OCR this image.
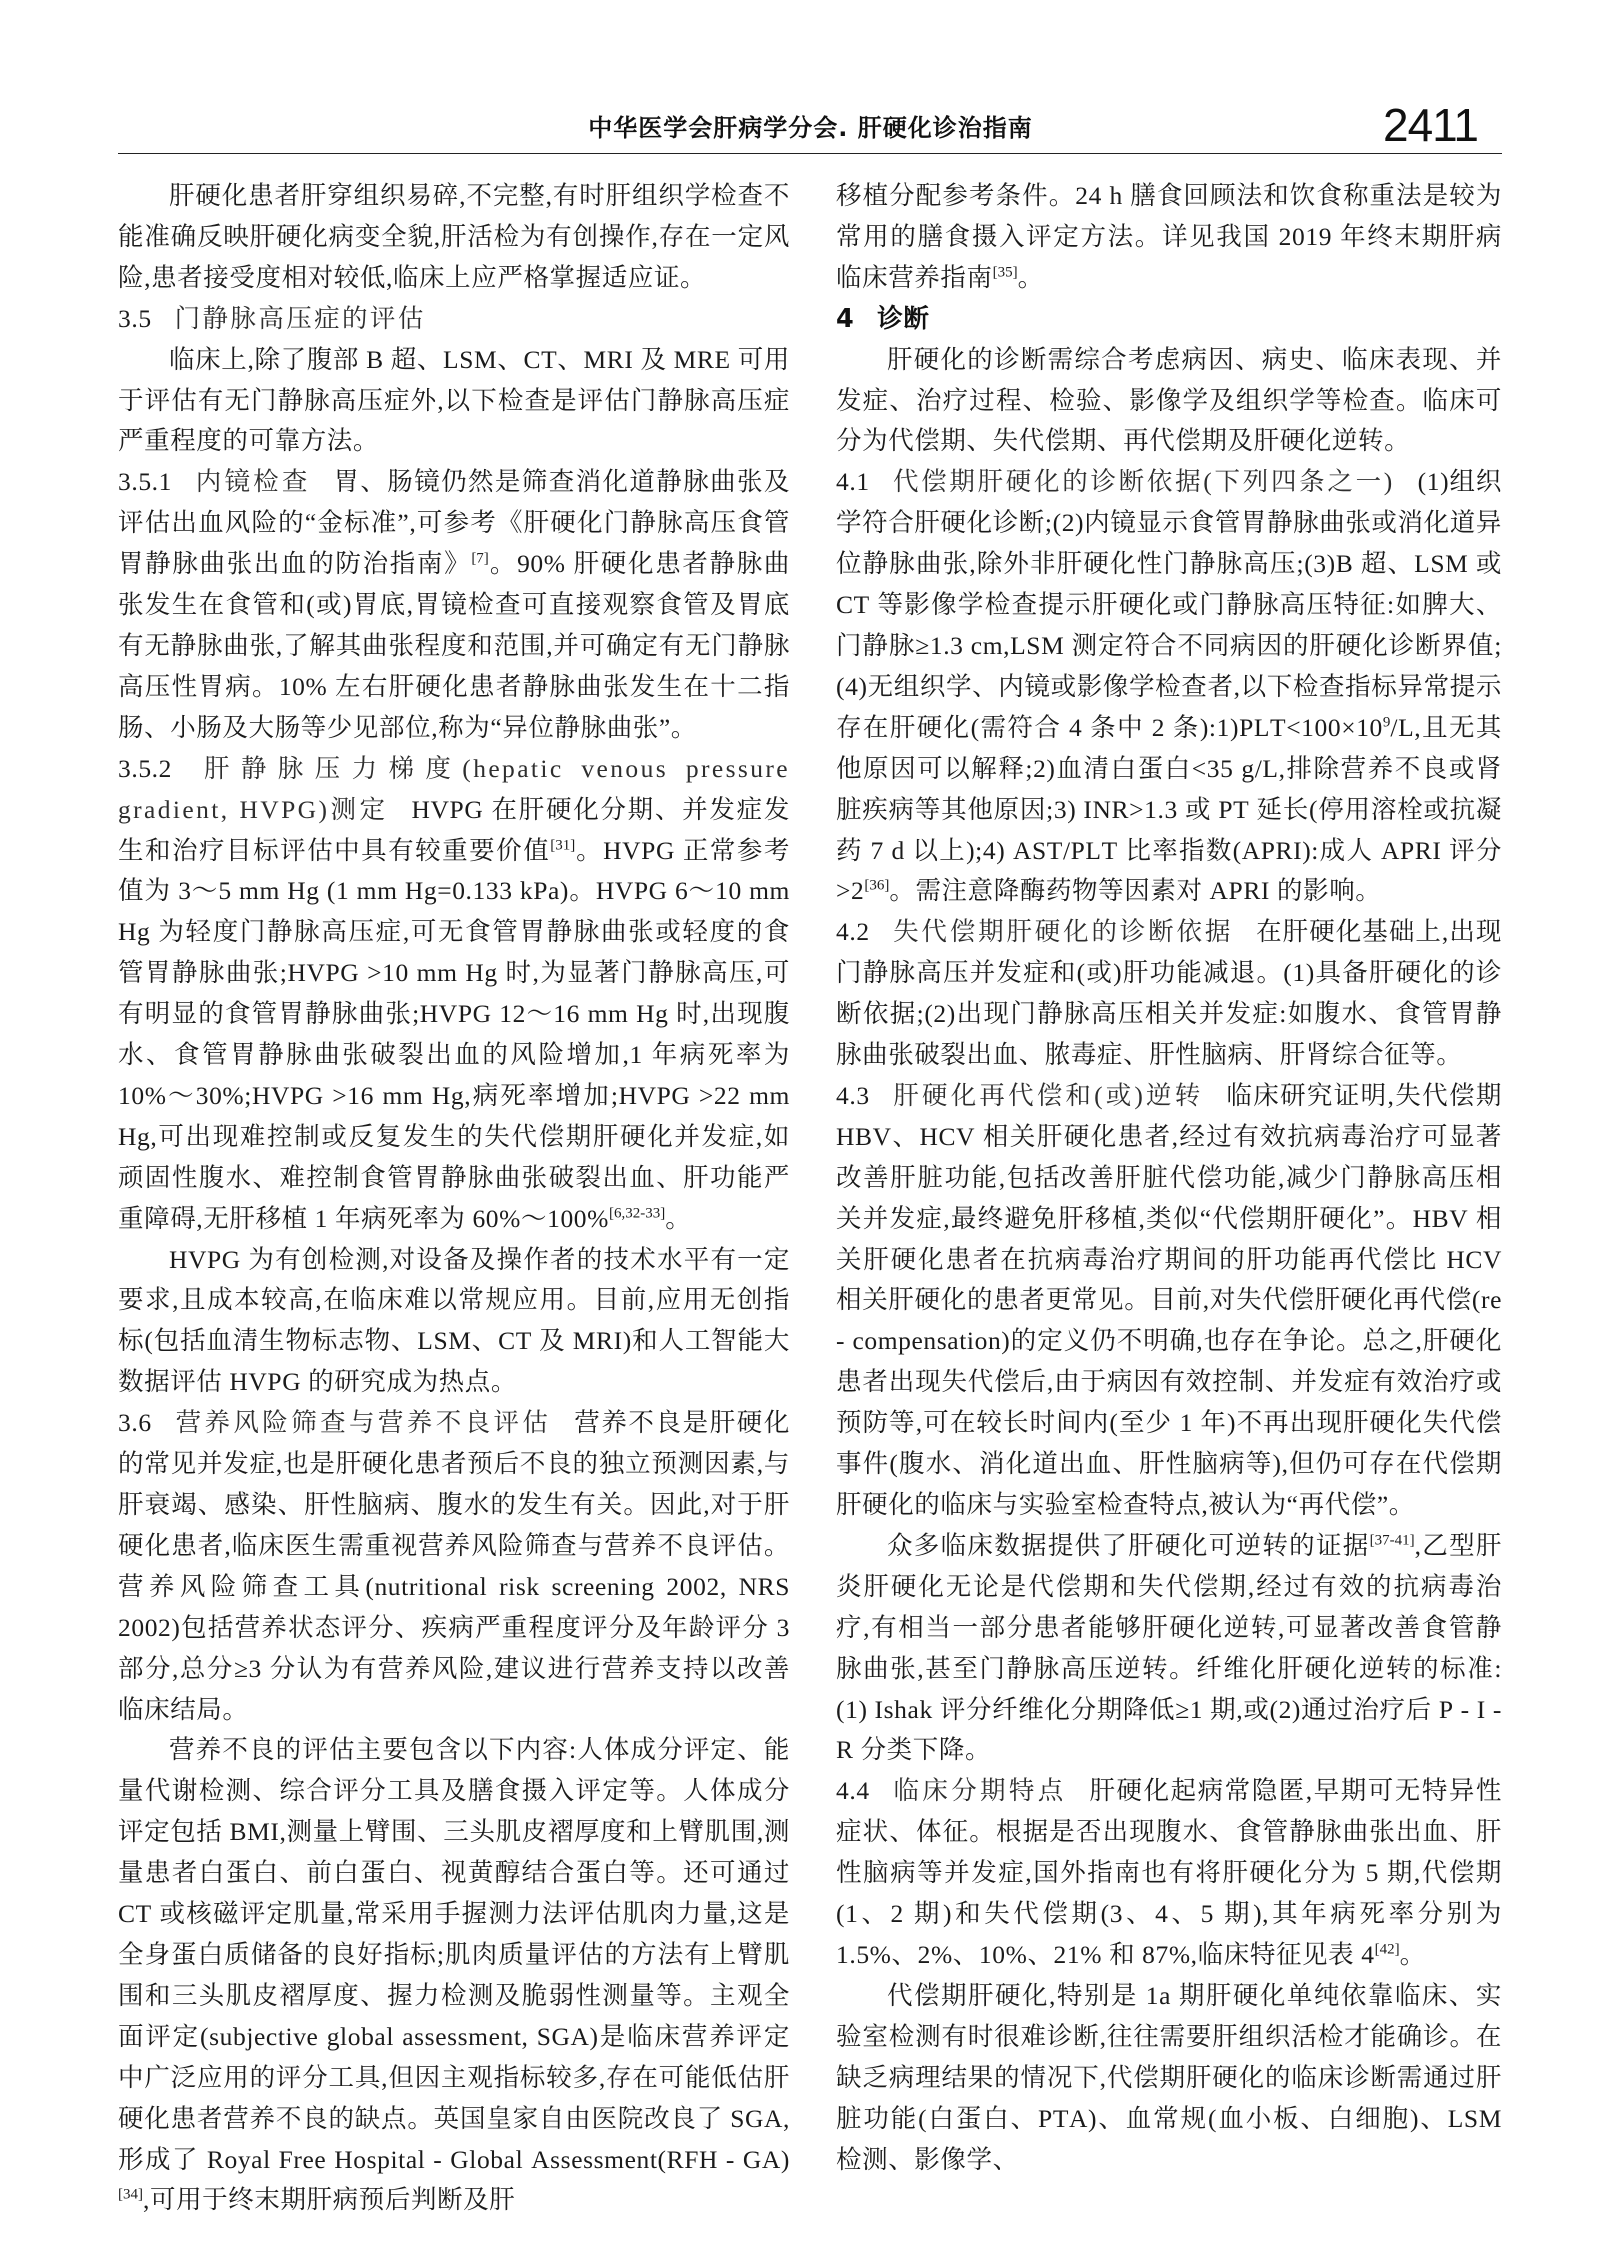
中华医学会肝病学分会. 肝硬化诊治指南	2411

肝硬化患者肝穿组织易碎,不完整,有时肝组织学检查不能准确反映肝硬化病变全貌,肝活检为有创操作,存在一定风险,患者接受度相对较低,临床上应严格掌握适应证。

3.5 门静脉高压症的评估

临床上,除了腹部 B 超、LSM、CT、MRI 及 MRE 可用于评估有无门静脉高压症外,以下检查是评估门静脉高压症严重程度的可靠方法。

3.5.1 内镜检查 胃、肠镜仍然是筛查消化道静脉曲张及评估出血风险的“金标准”,可参考《肝硬化门静脉高压食管胃静脉曲张出血的防治指南》[7]。90% 肝硬化患者静脉曲张发生在食管和(或)胃底,胃镜检查可直接观察食管及胃底有无静脉曲张,了解其曲张程度和范围,并可确定有无门静脉高压性胃病。10% 左右肝硬化患者静脉曲张发生在十二指肠、小肠及大肠等少见部位,称为“异位静脉曲张”。

3.5.2 肝静脉压力梯度(hepatic venous pressure gradient, HVPG)测定 HVPG 在肝硬化分期、并发症发生和治疗目标评估中具有较重要价值[31]。HVPG 正常参考值为 3～5 mm Hg (1 mm Hg=0.133 kPa)。HVPG 6～10 mm Hg 为轻度门静脉高压症,可无食管胃静脉曲张或轻度的食管胃静脉曲张;HVPG >10 mm Hg 时,为显著门静脉高压,可有明显的食管胃静脉曲张;HVPG 12～16 mm Hg 时,出现腹水、食管胃静脉曲张破裂出血的风险增加,1 年病死率为 10%～30%;HVPG >16 mm Hg,病死率增加;HVPG >22 mm Hg,可出现难控制或反复发生的失代偿期肝硬化并发症,如顽固性腹水、难控制食管胃静脉曲张破裂出血、肝功能严重障碍,无肝移植 1 年病死率为 60%～100%[6,32-33]。

HVPG 为有创检测,对设备及操作者的技术水平有一定要求,且成本较高,在临床难以常规应用。目前,应用无创指标(包括血清生物标志物、LSM、CT 及 MRI)和人工智能大数据评估 HVPG 的研究成为热点。

3.6 营养风险筛查与营养不良评估 营养不良是肝硬化的常见并发症,也是肝硬化患者预后不良的独立预测因素,与肝衰竭、感染、肝性脑病、腹水的发生有关。因此,对于肝硬化患者,临床医生需重视营养风险筛查与营养不良评估。营养风险筛查工具(nutritional risk screening 2002, NRS 2002)包括营养状态评分、疾病严重程度评分及年龄评分 3 部分,总分≥3 分认为有营养风险,建议进行营养支持以改善临床结局。

营养不良的评估主要包含以下内容:人体成分评定、能量代谢检测、综合评分工具及膳食摄入评定等。人体成分评定包括 BMI,测量上臂围、三头肌皮褶厚度和上臂肌围,测量患者白蛋白、前白蛋白、视黄醇结合蛋白等。还可通过 CT 或核磁评定肌量,常采用手握测力法评估肌肉力量,这是全身蛋白质储备的良好指标;肌肉质量评估的方法有上臂肌围和三头肌皮褶厚度、握力检测及脆弱性测量等。主观全面评定(subjective global assessment, SGA)是临床营养评定中广泛应用的评分工具,但因主观指标较多,存在可能低估肝硬化患者营养不良的缺点。英国皇家自由医院改良了 SGA,形成了 Royal Free Hospital - Global Assessment(RFH - GA)[34],可用于终末期肝病预后判断及肝

移植分配参考条件。24 h 膳食回顾法和饮食称重法是较为常用的膳食摄入评定方法。详见我国 2019 年终末期肝病临床营养指南[35]。

4 诊断

肝硬化的诊断需综合考虑病因、病史、临床表现、并发症、治疗过程、检验、影像学及组织学等检查。临床可分为代偿期、失代偿期、再代偿期及肝硬化逆转。

4.1 代偿期肝硬化的诊断依据(下列四条之一) (1)组织学符合肝硬化诊断;(2)内镜显示食管胃静脉曲张或消化道异位静脉曲张,除外非肝硬化性门静脉高压;(3)B 超、LSM 或 CT 等影像学检查提示肝硬化或门静脉高压特征:如脾大、门静脉≥1.3 cm,LSM 测定符合不同病因的肝硬化诊断界值;(4)无组织学、内镜或影像学检查者,以下检查指标异常提示存在肝硬化(需符合 4 条中 2 条)$:1)PLT<100\times 10^9/L$,且无其他原因可以解释;2)血清白蛋白<35 g/L,排除营养不良或肾脏疾病等其他原因;3) INR>1.3 或 PT 延长(停用溶栓或抗凝药 7 d 以上);4) AST/PLT 比率指数(APRI):成人 APRI 评分>2[36]。需注意降酶药物等因素对 APRI 的影响。

4.2 失代偿期肝硬化的诊断依据 在肝硬化基础上,出现门静脉高压并发症和(或)肝功能减退。(1)具备肝硬化的诊断依据;(2)出现门静脉高压相关并发症:如腹水、食管胃静脉曲张破裂出血、脓毒症、肝性脑病、肝肾综合征等。

4.3 肝硬化再代偿和(或)逆转 临床研究证明,失代偿期 HBV、HCV 相关肝硬化患者,经过有效抗病毒治疗可显著改善肝脏功能,包括改善肝脏代偿功能,减少门静脉高压相关并发症,最终避免肝移植,类似“代偿期肝硬化”。HBV 相关肝硬化患者在抗病毒治疗期间的肝功能再代偿比 HCV 相关肝硬化的患者更常见。目前,对失代偿肝硬化再代偿(re - compensation)的定义仍不明确,也存在争论。总之,肝硬化患者出现失代偿后,由于病因有效控制、并发症有效治疗或预防等,可在较长时间内(至少 1 年)不再出现肝硬化失代偿事件(腹水、消化道出血、肝性脑病等),但仍可存在代偿期肝硬化的临床与实验室检查特点,被认为“再代偿”。

众多临床数据提供了肝硬化可逆转的证据[37-41],乙型肝炎肝硬化无论是代偿期和失代偿期,经过有效的抗病毒治疗,有相当一部分患者能够肝硬化逆转,可显著改善食管静脉曲张,甚至门静脉高压逆转。纤维化肝硬化逆转的标准:(1) Ishak 评分纤维化分期降低≥1 期,或(2)通过治疗后 P - I - R 分类下降。

4.4 临床分期特点 肝硬化起病常隐匿,早期可无特异性症状、体征。根据是否出现腹水、食管静脉曲张出血、肝性脑病等并发症,国外指南也有将肝硬化分为 5 期,代偿期(1、2 期)和失代偿期(3、4、5 期),其年病死率分别为 1.5%、2%、10%、21% 和 87%,临床特征见表 4[42]。

代偿期肝硬化,特别是 1a 期肝硬化单纯依靠临床、实验室检测有时很难诊断,往往需要肝组织活检才能确诊。在缺乏病理结果的情况下,代偿期肝硬化的临床诊断需通过肝脏功能(白蛋白、PTA)、血常规(血小板、白细胞)、LSM 检测、影像学、
